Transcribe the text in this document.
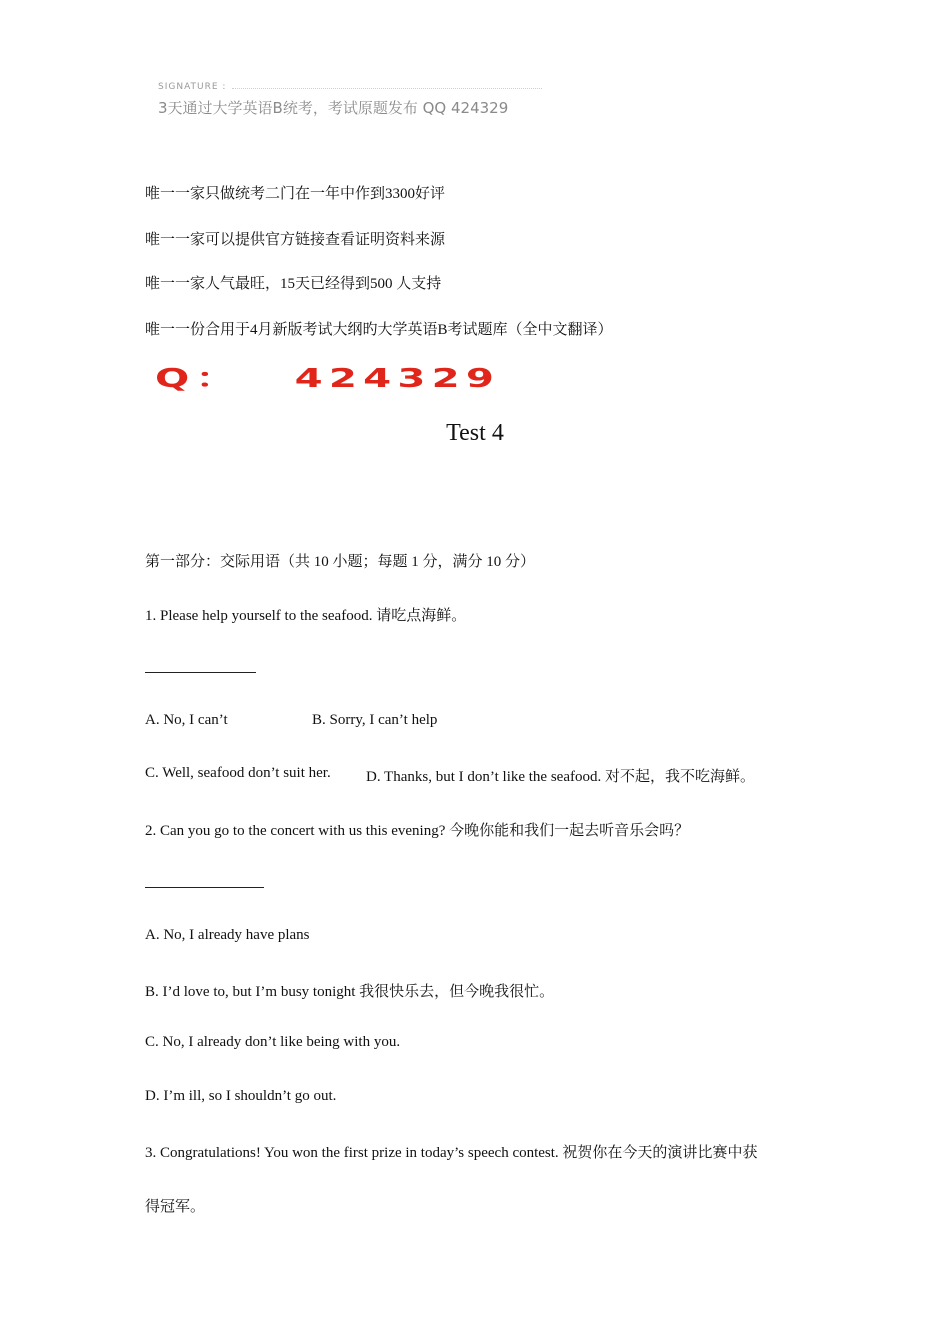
SIGNATURE :
3天通过大学英语B统考，考试原题发布 QQ 424329
唯一一家只做统考二门在一年中作到3300好评
唯一一家可以提供官方链接查看证明资料来源
唯一一家人气最旺，15天已经得到500 人支持
唯一一份合用于4月新版考试大纲旳大学英语B考试题库（全中文翻译）
Q： 424329
Test 4
第一部分：交际用语（共 10 小题；每题 1 分，满分 10 分）
1. Please help yourself to the seafood. 请吃点海鲜。
A. No, I can’t	B. Sorry, I can’t help
C. Well, seafood don’t suit her. D. Thanks, but I don’t like the seafood. 对不起，我不吃海鲜。
2. Can you go to the concert with us this evening? 今晚你能和我们一起去听音乐会吗？
A. No, I already have plans
B. I’d love to, but I’m busy tonight 我很快乐去，但今晚我很忙。
C. No, I already don’t like being with you.
D. I’m ill, so I shouldn’t go out.
3. Congratulations! You won the first prize in today’s speech contest. 祝贺你在今天的演讲比赛中获
得冠军。
